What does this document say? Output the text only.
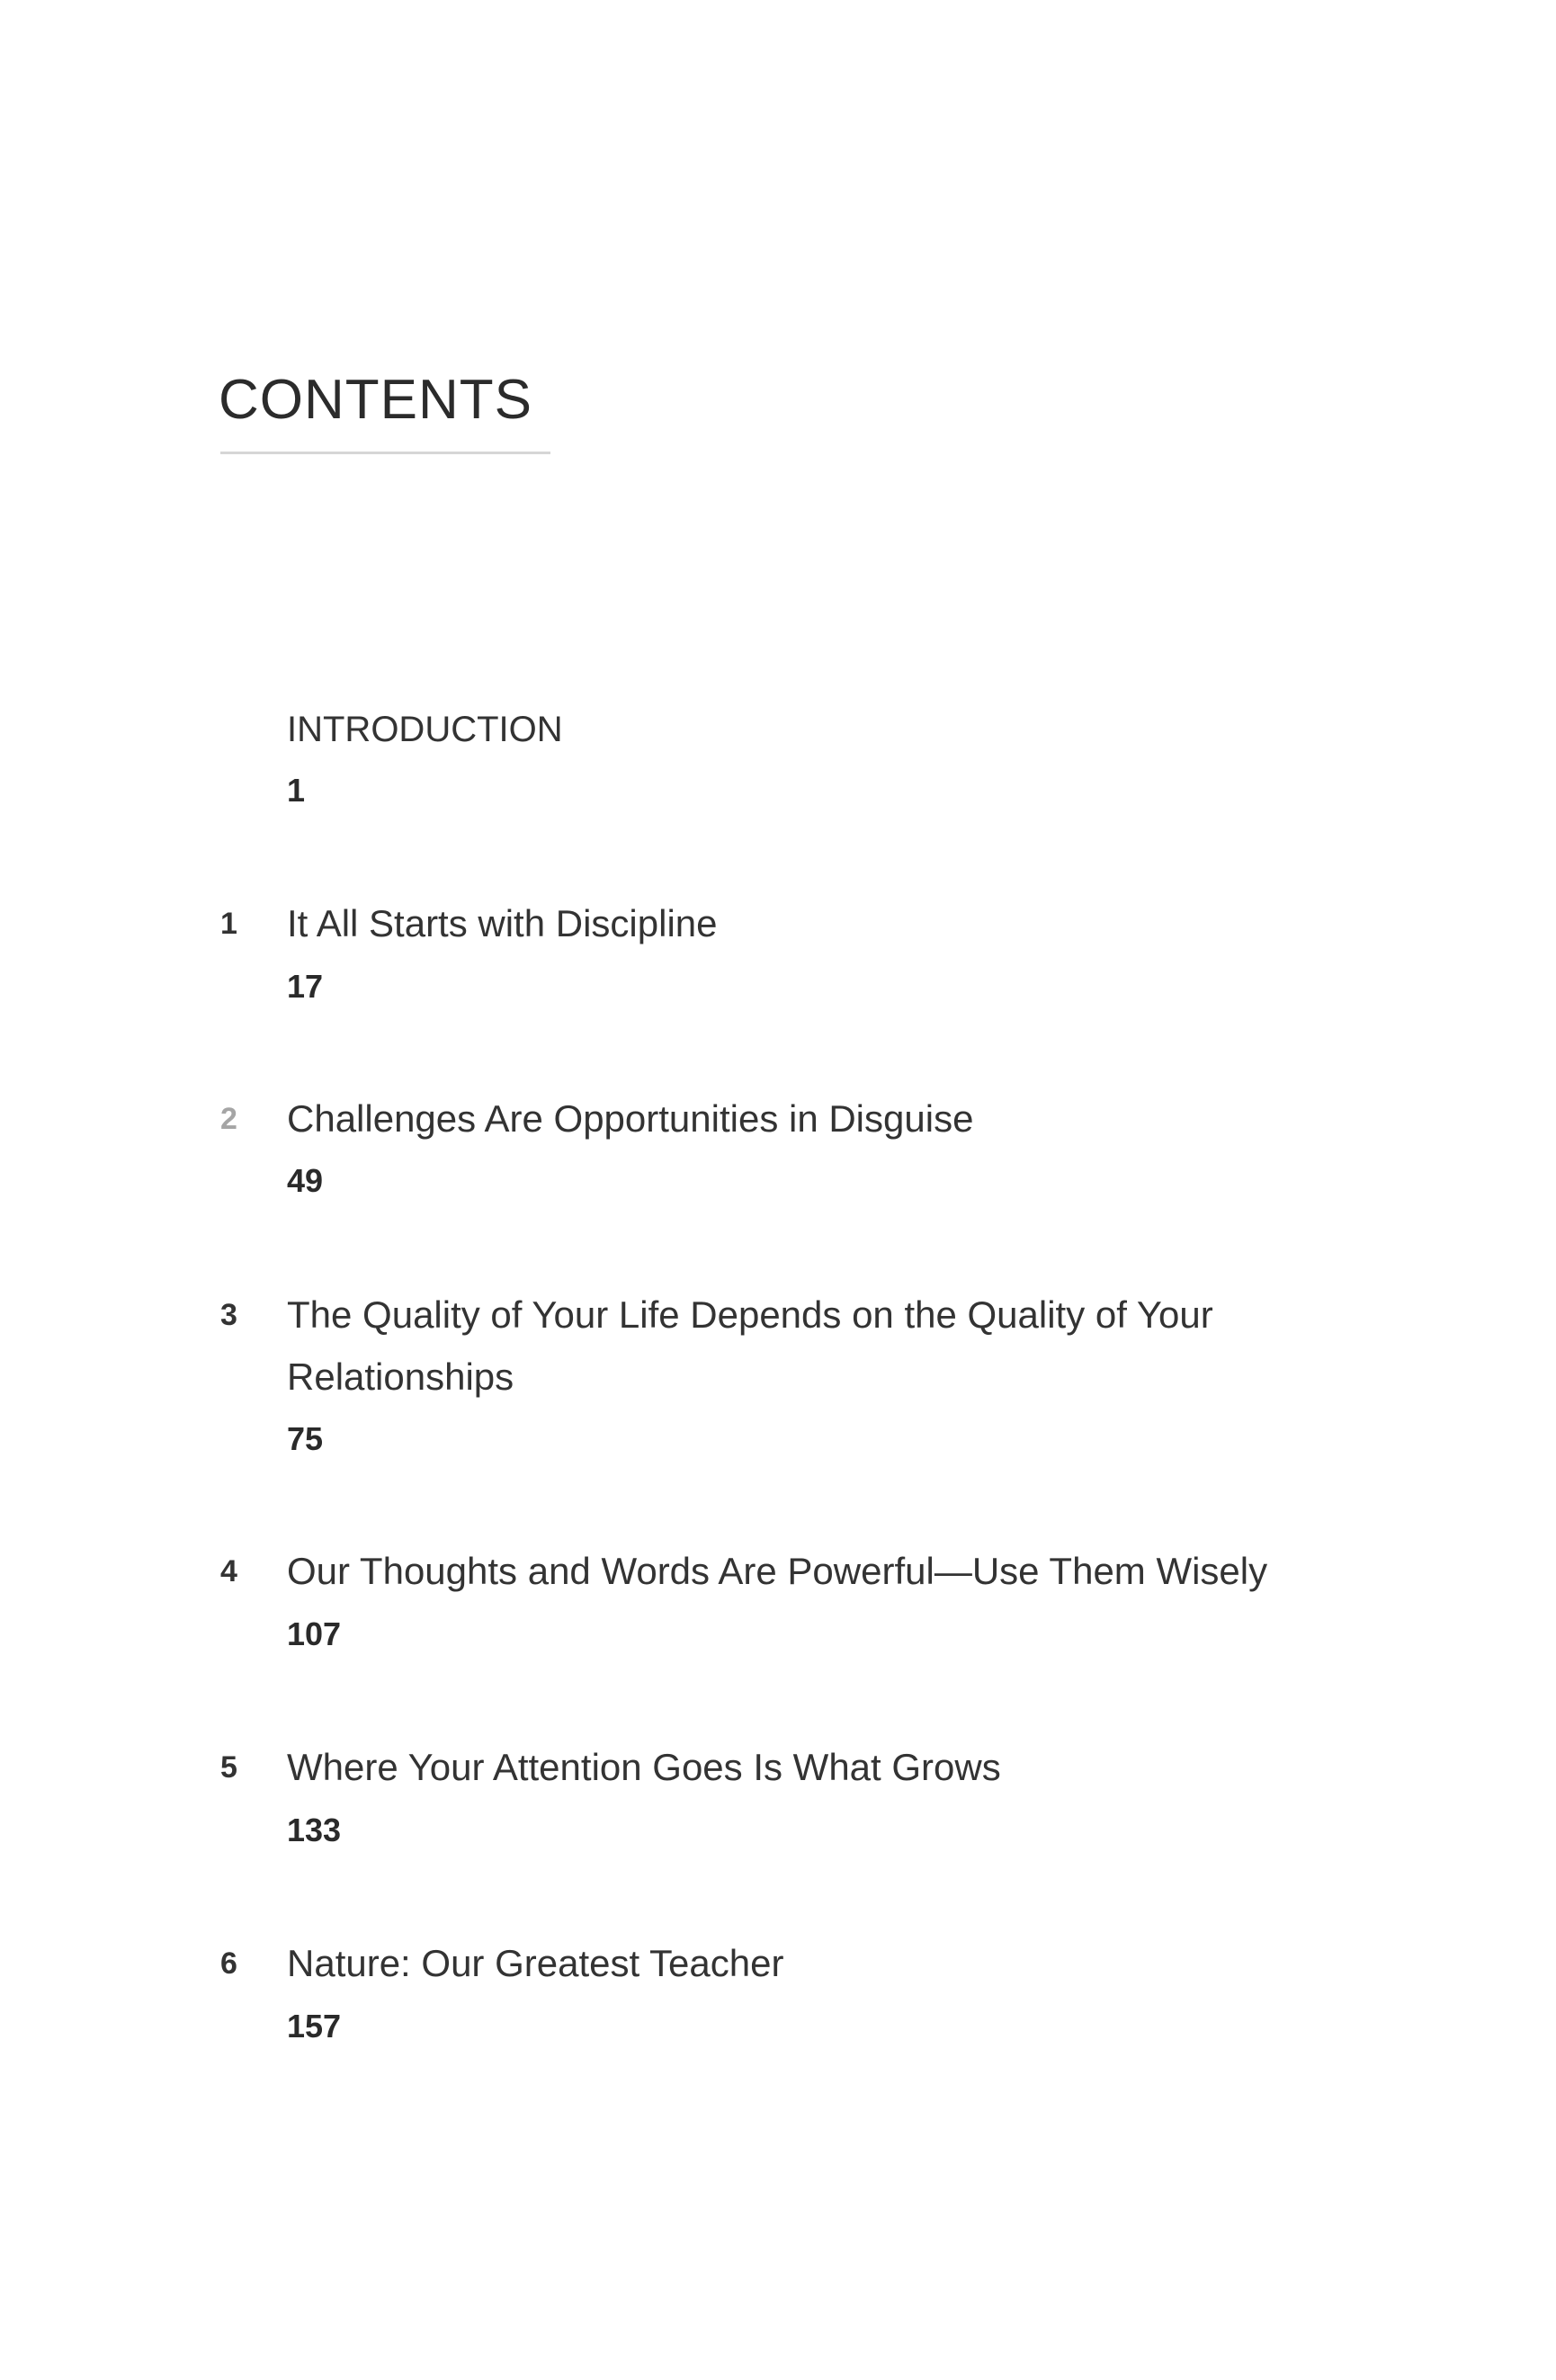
CONTENTS
INTRODUCTION
1
1 It All Starts with Discipline
17
2 Challenges Are Opportunities in Disguise
49
3 The Quality of Your Life Depends on the Quality of Your
Relationships
75
4 Our Thoughts and Words Are Powerful—Use Them Wisely
107
5 Where Your Attention Goes Is What Grows
133
6 Nature: Our Greatest Teacher
157
